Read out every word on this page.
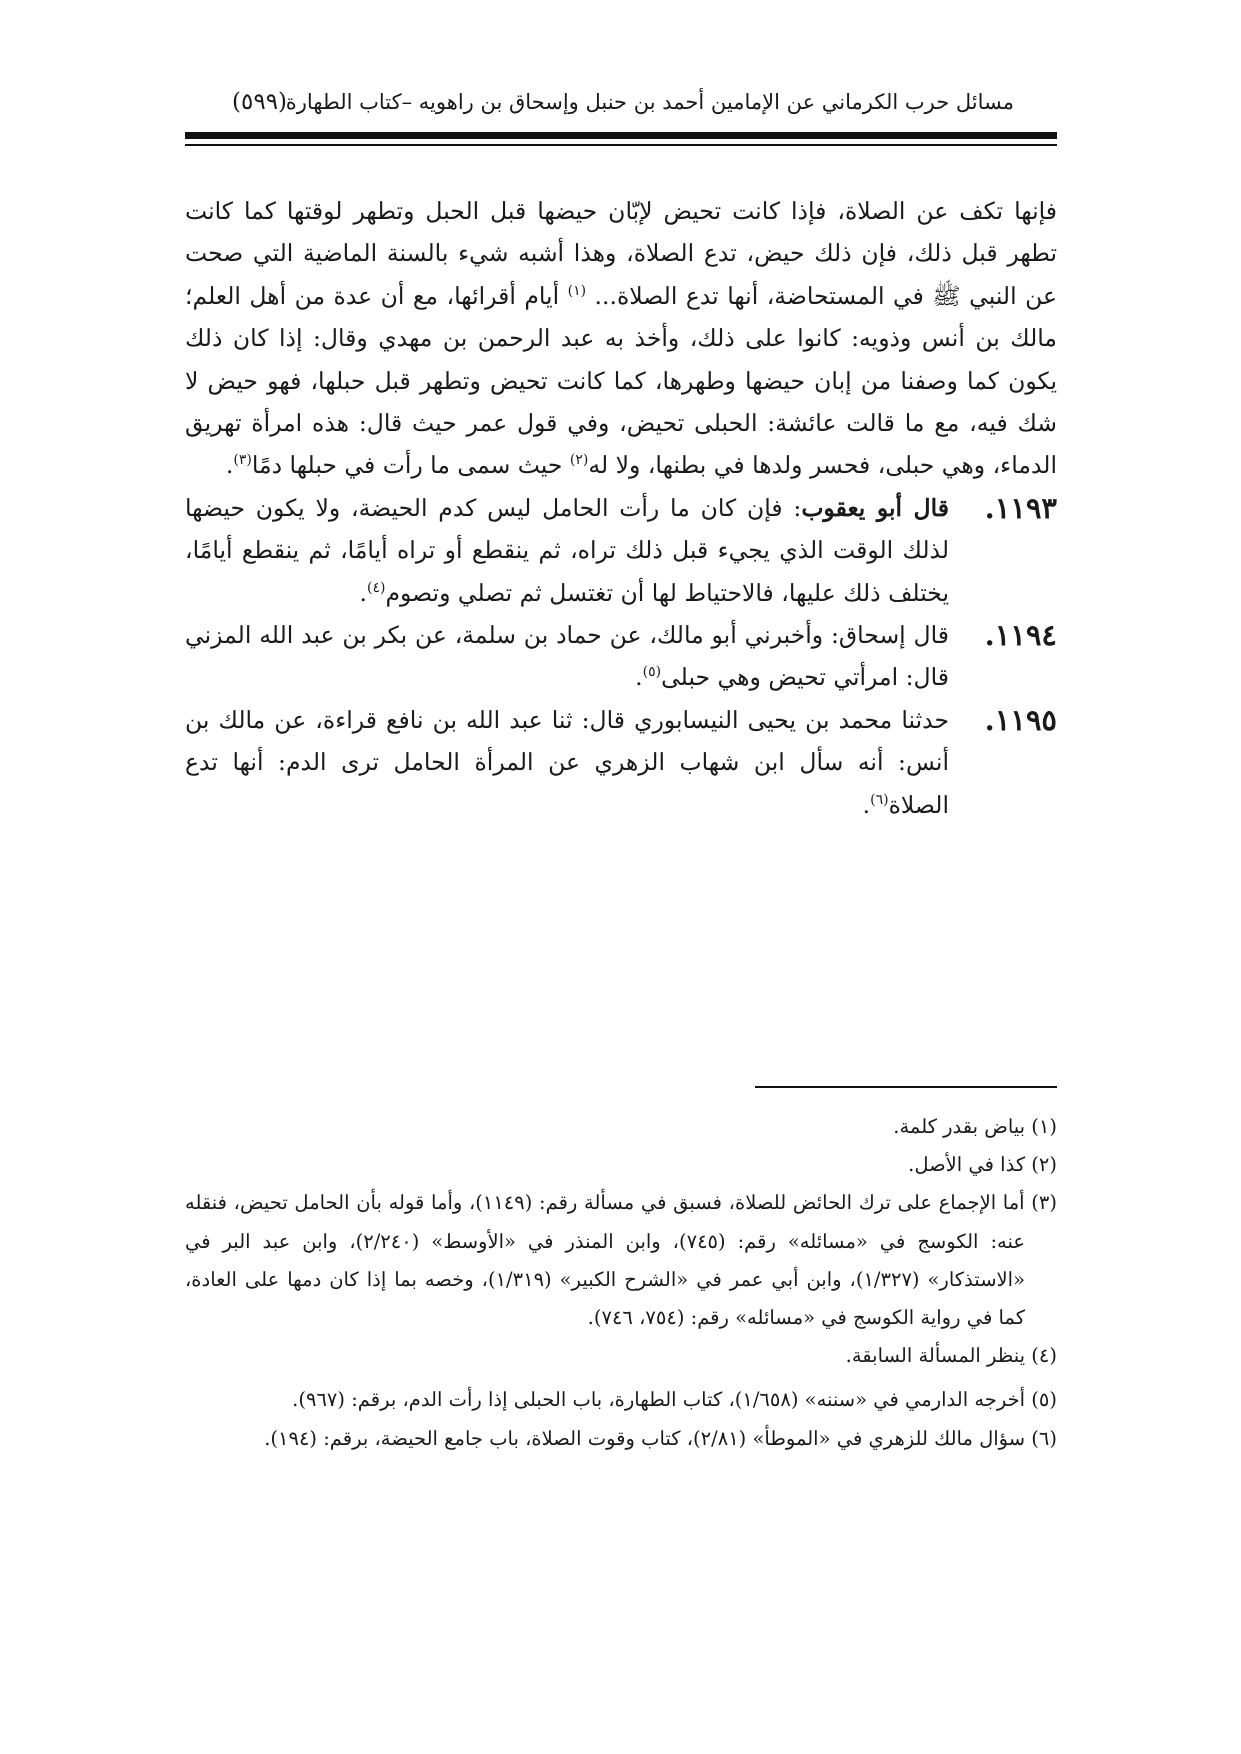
مسائل حرب الكرماني عن الإمامين أحمد بن حنبل وإسحاق بن راهويه –كتاب الطهارة
(٥٩٩)

فإنها تكف عن الصلاة، فإذا كانت تحيض لإبّان حيضها قبل الحبل وتطهر لوقتها كما كانت تطهر قبل ذلك، فإن ذلك حيض، تدع الصلاة، وهذا أشبه شيء بالسنة الماضية التي صحت عن النبي ﷺ في المستحاضة، أنها تدع الصلاة... $^{(١)}$ أيام أقرائها، مع أن عدة من أهل العلم؛ مالك بن أنس وذويه: كانوا على ذلك، وأخذ به عبد الرحمن بن مهدي وقال: إذا كان ذلك يكون كما وصفنا من إبان حيضها وطهرها، كما كانت تحيض وتطهر قبل حبلها، فهو حيض لا شك فيه، مع ما قالت عائشة: الحبلى تحيض، وفي قول عمر حيث قال: هذه امرأة تهريق الدماء، وهي حبلى، فحسر ولدها في بطنها، ولا له$^{(٢)}$ حيث سمى ما رأت في حبلها دمًا$^{(٣)}$.

١١٩٣.

قال أبو يعقوب: فإن كان ما رأت الحامل ليس كدم الحيضة، ولا يكون حيضها لذلك الوقت الذي يجيء قبل ذلك تراه، ثم ينقطع أو تراه أيامًا، ثم ينقطع أيامًا، يختلف ذلك عليها، فالاحتياط لها أن تغتسل ثم تصلي وتصوم$^{(٤)}$.

١١٩٤.

قال إسحاق: وأخبرني أبو مالك، عن حماد بن سلمة، عن بكر بن عبد الله المزني قال: امرأتي تحيض وهي حبلى$^{(٥)}$.

١١٩٥.

حدثنا محمد بن يحيى النيسابوري قال: ثنا عبد الله بن نافع قراءة، عن مالك بن أنس: أنه سأل ابن شهاب الزهري عن المرأة الحامل ترى الدم: أنها تدع الصلاة$^{(٦)}$.

(١) بياض بقدر كلمة.

(٢) كذا في الأصل.

(٣) أما الإجماع على ترك الحائض للصلاة، فسبق في مسألة رقم: (١١٤٩)، وأما قوله بأن الحامل تحيض، فنقله عنه: الكوسج في «مسائله» رقم: (٧٤٥)، وابن المنذر في «الأوسط» (٢/٢٤٠)، وابن عبد البر في «الاستذكار» (١/٣٢٧)، وابن أبي عمر في «الشرح الكبير» (١/٣١٩)، وخصه بما إذا كان دمها على العادة، كما في رواية الكوسج في «مسائله» رقم: (٧٥٤، ٧٤٦).

(٤) ينظر المسألة السابقة.

(٥) أخرجه الدارمي في «سننه» (١/٦٥٨)، كتاب الطهارة، باب الحبلى إذا رأت الدم، برقم: (٩٦٧).

(٦) سؤال مالك للزهري في «الموطأ» (٢/٨١)، كتاب وقوت الصلاة، باب جامع الحيضة، برقم: (١٩٤).
